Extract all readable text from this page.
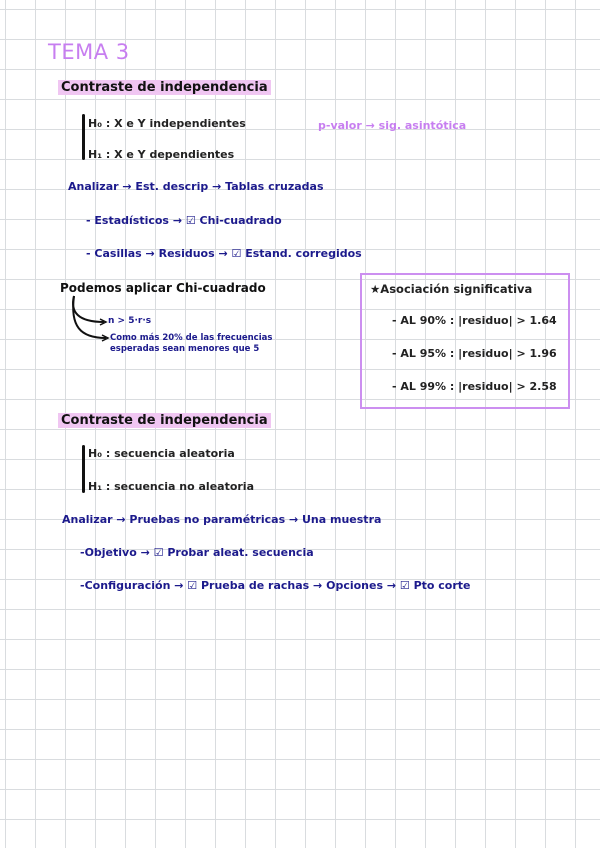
TEMA 3
Contraste de independencia
H₀ : X e Y independientes
H₁ : X e Y dependientes
p-valor → sig. asintótica
Analizar → Est. descrip → Tablas cruzadas
- Estadísticos → ☑ Chi-cuadrado
- Casillas → Residuos → ☑ Estand. corregidos
Podemos aplicar Chi-cuadrado
n > 5·r·s
Como más 20% de las frecuencias esperadas sean menores que 5
★Asociación significativa
- AL 90% : |residuo| > 1.64
- AL 95% : |residuo| > 1.96
- AL 99% : |residuo| > 2.58
Contraste de independencia
H₀ : secuencia aleatoria
H₁ : secuencia no aleatoria
Analizar → Pruebas no paramétricas → Una muestra
-Objetivo → ☑ Probar aleat. secuencia
-Configuración → ☑ Prueba de rachas → Opciones → ☑ Pto corte
